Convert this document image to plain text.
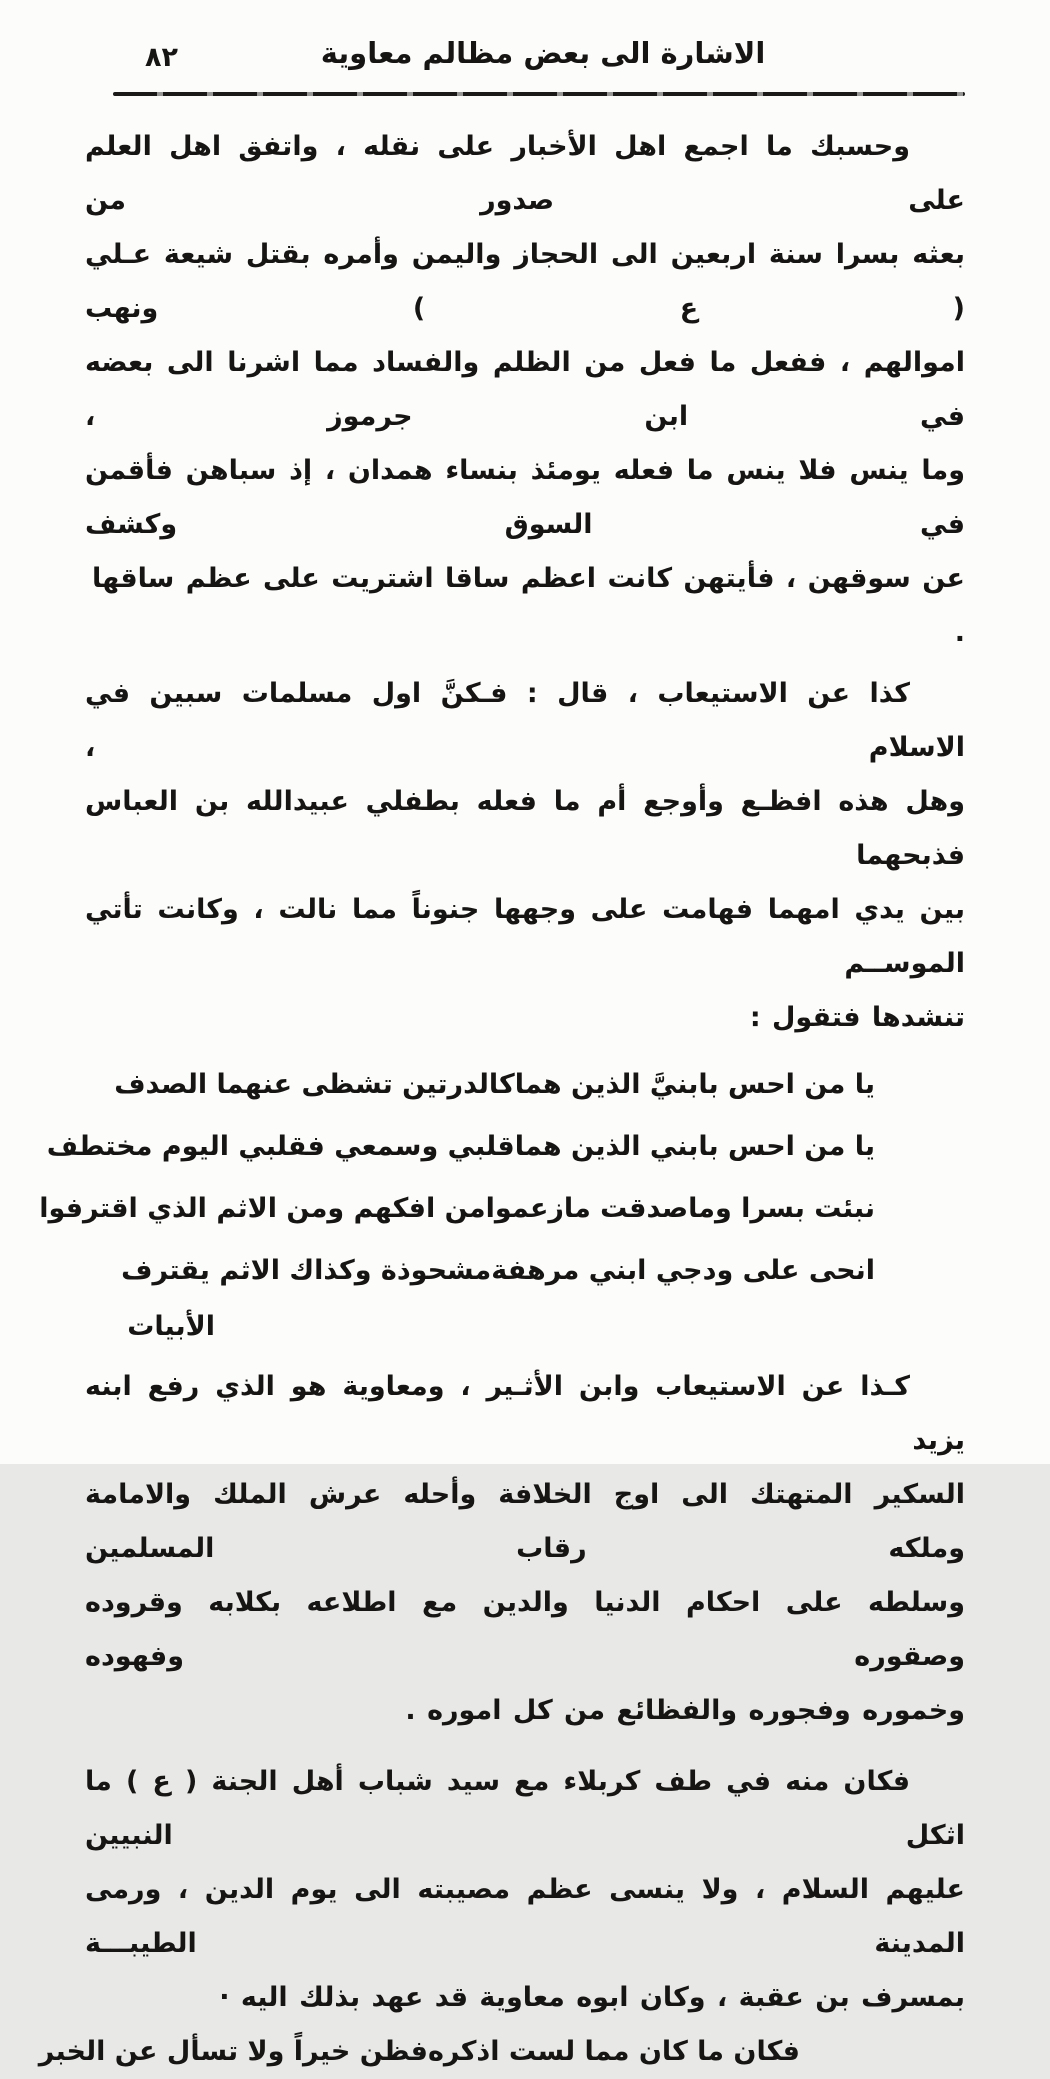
الاشارة الى بعض مظالم معاوية
٨٢

وحسبك ما اجمع اهل الأخبار على نقله ، واتفق اهل العلم على صدور من

بعثه بسرا سنة اربعين الى الحجاز واليمن وأمره بقتل شيعة عـلي ( ع ) ونهب

اموالهم ، ففعل ما فعل من الظلم والفساد مما اشرنا الى بعضه في ابن جرموز ،

وما ينس فلا ينس ما فعله يومئذ بنساء همدان ، إذ سباهن فأقمن في السوق وكشف

عن سوقهن ، فأيتهن كانت اعظم ساقا اشتريت على عظم ساقها .

كذا عن الاستيعاب ، قال : فـكنَّ اول مسلمات سبين في الاسلام ،

وهل هذه افظـع وأوجع أم ما فعله بطفلي عبيدالله بن العباس فذبحهما

بين يدي امهما فهامت على وجهها جنوناً مما نالت ، وكانت تأتي الموســم

تنشدها فتقول :

يا من احس بابنيَّ الذين هما
كالدرتين تشظى عنهما الصدف
يا من احس بابني الذين هما
قلبي وسمعي فقلبي اليوم مختطف
نبئت بسرا وماصدقت مازعموا
من افكهم ومن الاثم الذي اقترفوا
انحى على ودجي ابني مرهفة
مشحوذة وكذاك الاثم يقترف

الأبيات

كـذا عن الاستيعاب وابن الأثـير ، ومعاوية هو الذي رفع ابنه يزيد

السكير المتهتك الى اوج الخلافة وأحله عرش الملك والامامة وملكه رقاب المسلمين

وسلطه على احكام الدنيا والدين مع اطلاعه بكلابه وقروده وصقوره وفهوده

وخموره وفجوره والفظائع من كل اموره .

فكان منه في طف كربلاء مع سيد شباب أهل الجنة ( ع ) ما اثكل النبيين

عليهم السلام ، ولا ينسى عظم مصيبته الى يوم الدين ، ورمى المدينة الطيبـــة

بمسرف بن عقبة ، وكان ابوه معاوية قد عهد بذلك اليه ·

فكان ما كان مما لست اذكره
فظن خيراً ولا تسأل عن الخبر
